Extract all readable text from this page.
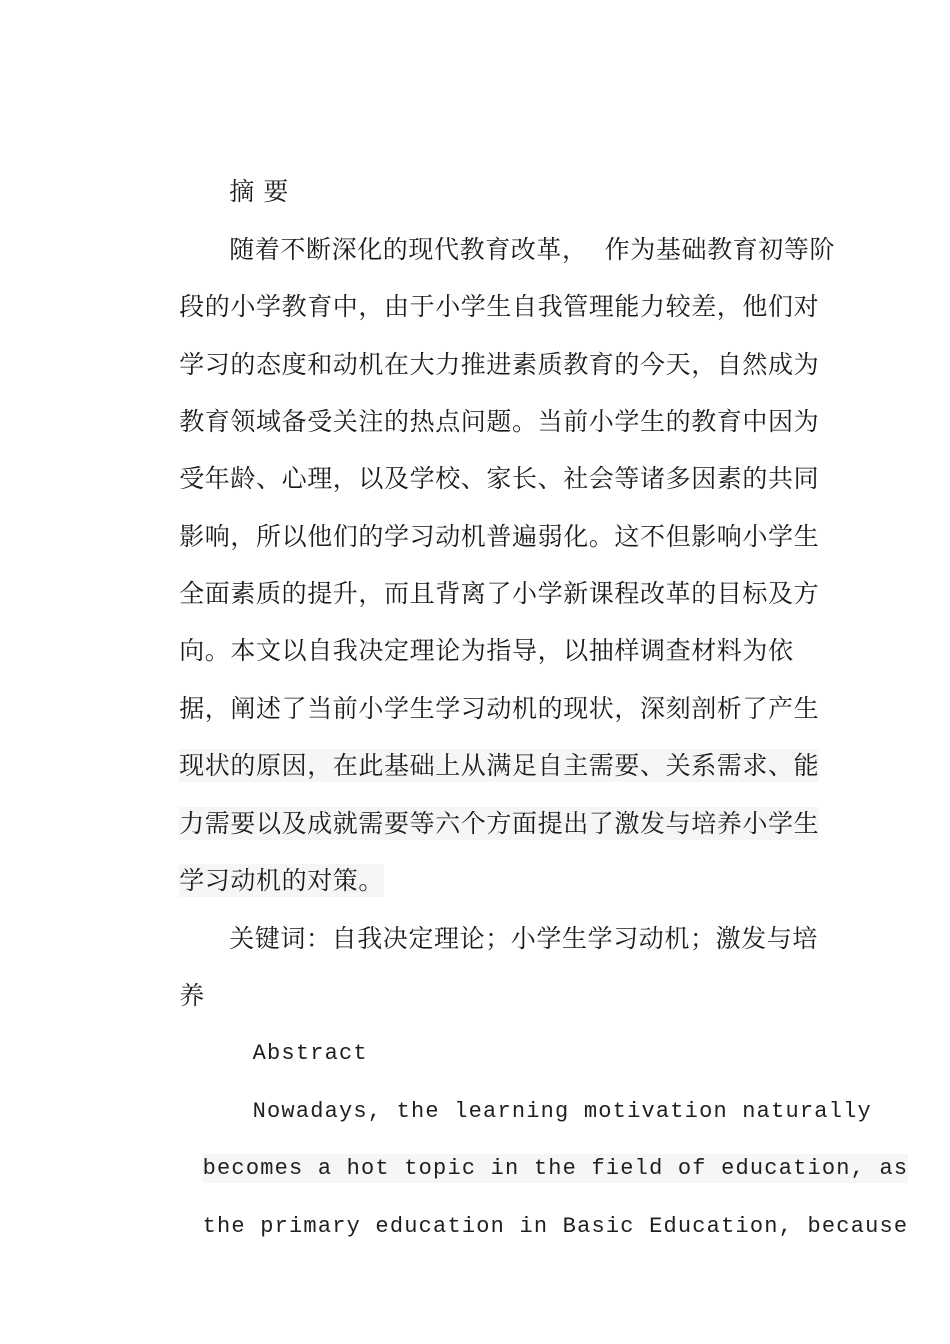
摘 要

随着不断深化的现代教育改革，  作为基础教育初等阶

段的小学教育中，由于小学生自我管理能力较差，他们对

学习的态度和动机在大力推进素质教育的今天，自然成为

教育领域备受关注的热点问题。当前小学生的教育中因为

受年龄、心理，以及学校、家长、社会等诸多因素的共同

影响，所以他们的学习动机普遍弱化。这不但影响小学生

全面素质的提升，而且背离了小学新课程改革的目标及方

向。本文以自我决定理论为指导，以抽样调查材料为依

据，阐述了当前小学生学习动机的现状，深刻剖析了产生

现状的原因，在此基础上从满足自主需要、关系需求、能

力需要以及成就需要等六个方面提出了激发与培养小学生

学习动机的对策。

关键词：自我决定理论；小学生学习动机；激发与培

养

Abstract

Nowadays, the learning motivation naturally

becomes a hot topic in the field of education, as

the primary education in Basic Education, because
